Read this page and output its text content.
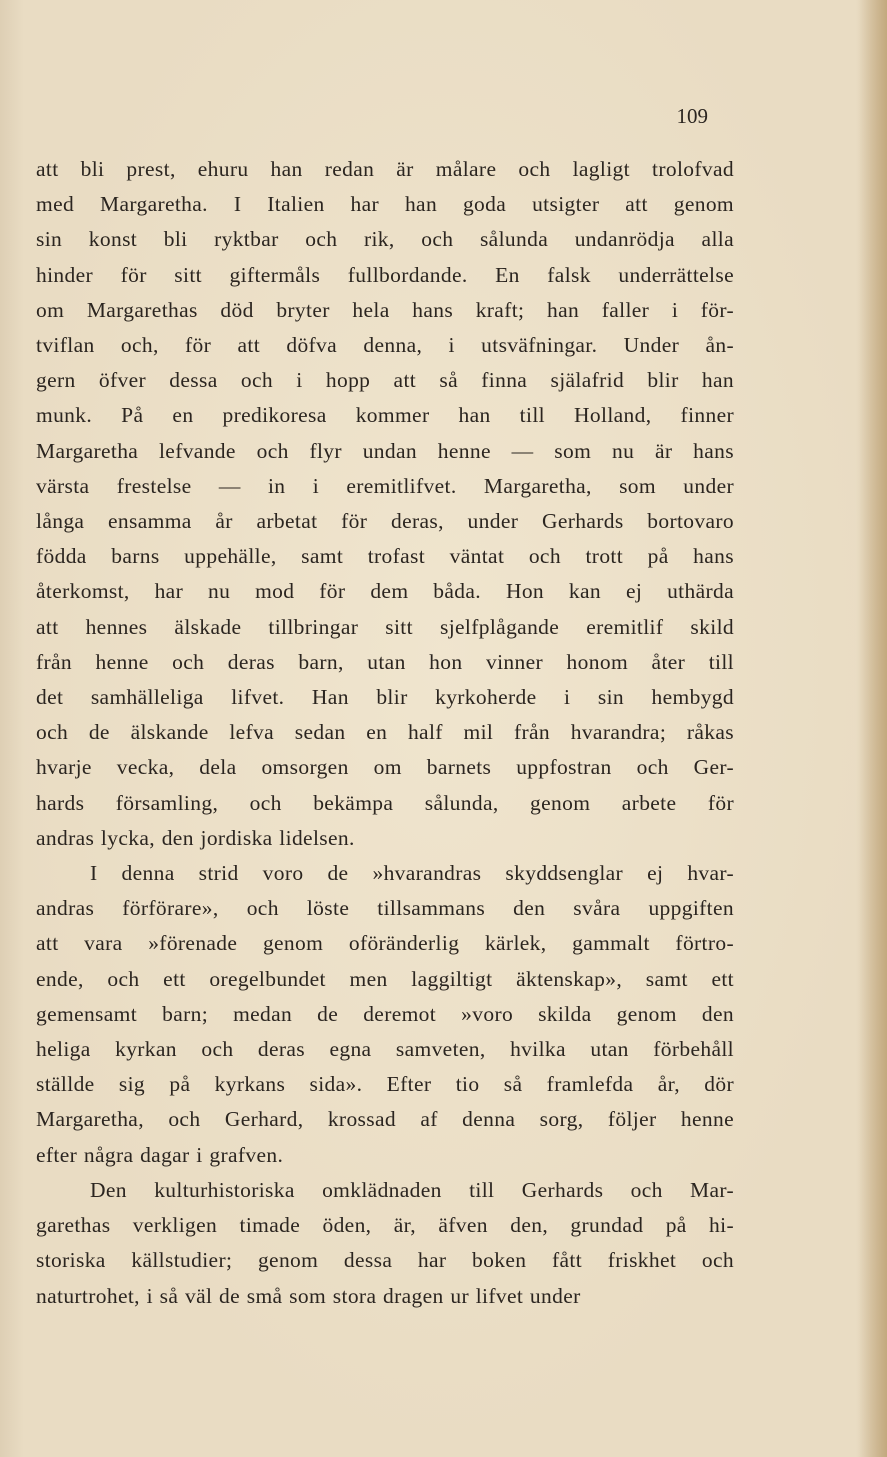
109
att bli prest, ehuru han redan är målare och lagligt trolofvad
med Margaretha. I Italien har han goda utsigter att genom
sin konst bli ryktbar och rik, och sålunda undanrödja alla
hinder för sitt giftermåls fullbordande. En falsk underrättelse
om Margarethas död bryter hela hans kraft; han faller i för-
tviflan och, för att döfva denna, i utsväfningar. Under ån-
gern öfver dessa och i hopp att så finna själafrid blir han
munk. På en predikoresa kommer han till Holland, finner
Margaretha lefvande och flyr undan henne — som nu är hans
värsta frestelse — in i eremitlifvet. Margaretha, som under
långa ensamma år arbetat för deras, under Gerhards bortovaro
födda barns uppehälle, samt trofast väntat och trott på hans
återkomst, har nu mod för dem båda. Hon kan ej uthärda
att hennes älskade tillbringar sitt sjelfplågande eremitlif skild
från henne och deras barn, utan hon vinner honom åter till
det samhälleliga lifvet. Han blir kyrkoherde i sin hembygd
och de älskande lefva sedan en half mil från hvarandra; råkas
hvarje vecka, dela omsorgen om barnets uppfostran och Ger-
hards församling, och bekämpa sålunda, genom arbete för
andras lycka, den jordiska lidelsen.
I denna strid voro de »hvarandras skyddsenglar ej hvar-
andras förförare», och löste tillsammans den svåra uppgiften
att vara »förenade genom oföränderlig kärlek, gammalt förtro-
ende, och ett oregelbundet men laggiltigt äktenskap», samt ett
gemensamt barn; medan de deremot »voro skilda genom den
heliga kyrkan och deras egna samveten, hvilka utan förbehåll
ställde sig på kyrkans sida». Efter tio så framlefda år, dör
Margaretha, och Gerhard, krossad af denna sorg, följer henne
efter några dagar i grafven.
Den kulturhistoriska omklädnaden till Gerhards och Mar-
garethas verkligen timade öden, är, äfven den, grundad på hi-
storiska källstudier; genom dessa har boken fått friskhet och
naturtrohet, i så väl de små som stora dragen ur lifvet under
